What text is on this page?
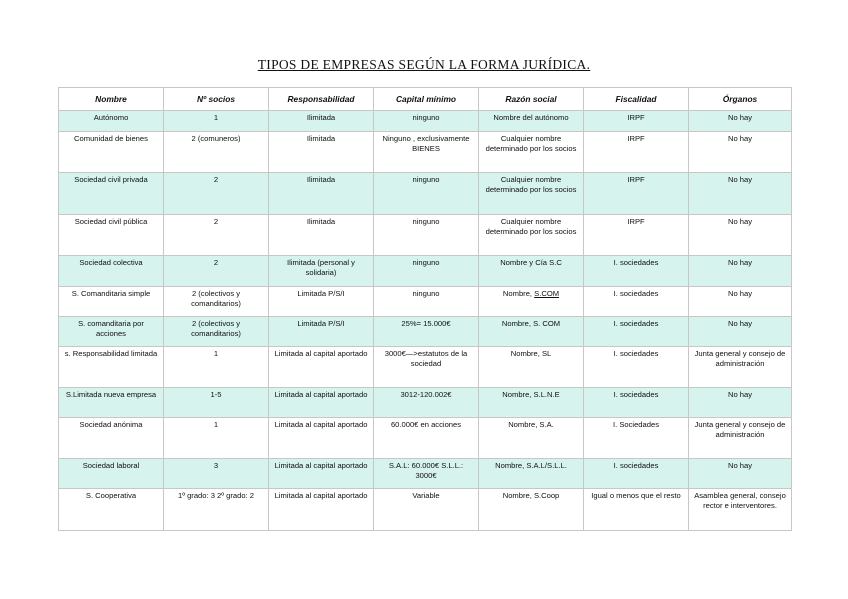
TIPOS DE EMPRESAS SEGÚN LA FORMA JURÍDICA.
Nombre	Nº socios	Responsabilidad	Capital mínimo	Razón social	Fiscalidad	Órganos
Autónomo	1	Ilimitada	ninguno	Nombre del autónomo	IRPF	No hay
Comunidad de bienes	2 (comuneros)	Ilimitada	Ninguno , exclusivamente BIENES	Cualquier nombre determinado por los socios	IRPF	No hay
Sociedad civil privada	2	Ilimitada	ninguno	Cualquier nombre determinado por los socios	IRPF	No hay
Sociedad civil pública	2	Ilimitada	ninguno	Cualquier nombre determinado por los socios	IRPF	No hay
Sociedad colectiva	2	Ilimitada (personal y solidaria)	ninguno	Nombre y Cía S.C	I. sociedades	No hay
S. Comanditaria simple	2 (colectivos y comanditarios)	Limitada P/S/I	ninguno	Nombre, S.COM	I. sociedades	No hay
S. comanditaria por acciones	2 (colectivos y comanditarios)	Limitada P/S/I	25%= 15.000€	Nombre, S. COM	I. sociedades	No hay
s. Responsabilidad limitada	1	Limitada al capital aportado	3000€—>estatutos de la sociedad	Nombre, SL	I. sociedades	Junta general y consejo de administración
S.Limitada nueva empresa	1-5	Limitada al capital aportado	3012-120.002€	Nombre, S.L.N.E	I. sociedades	No hay
Sociedad anónima	1	Limitada al capital aportado	60.000€ en acciones	Nombre, S.A.	I. Sociedades	Junta general y consejo de administración
Sociedad laboral	3	Limitada al capital aportado	S.A.L: 60.000€ S.L.L.: 3000€	Nombre, S.A.L/S.L.L.	I. sociedades	No hay
S. Cooperativa	1º grado: 3 2º grado: 2	Limitada al capital aportado	Variable	Nombre, S.Coop	Igual o menos que el resto	Asamblea general, consejo rector e interventores.
